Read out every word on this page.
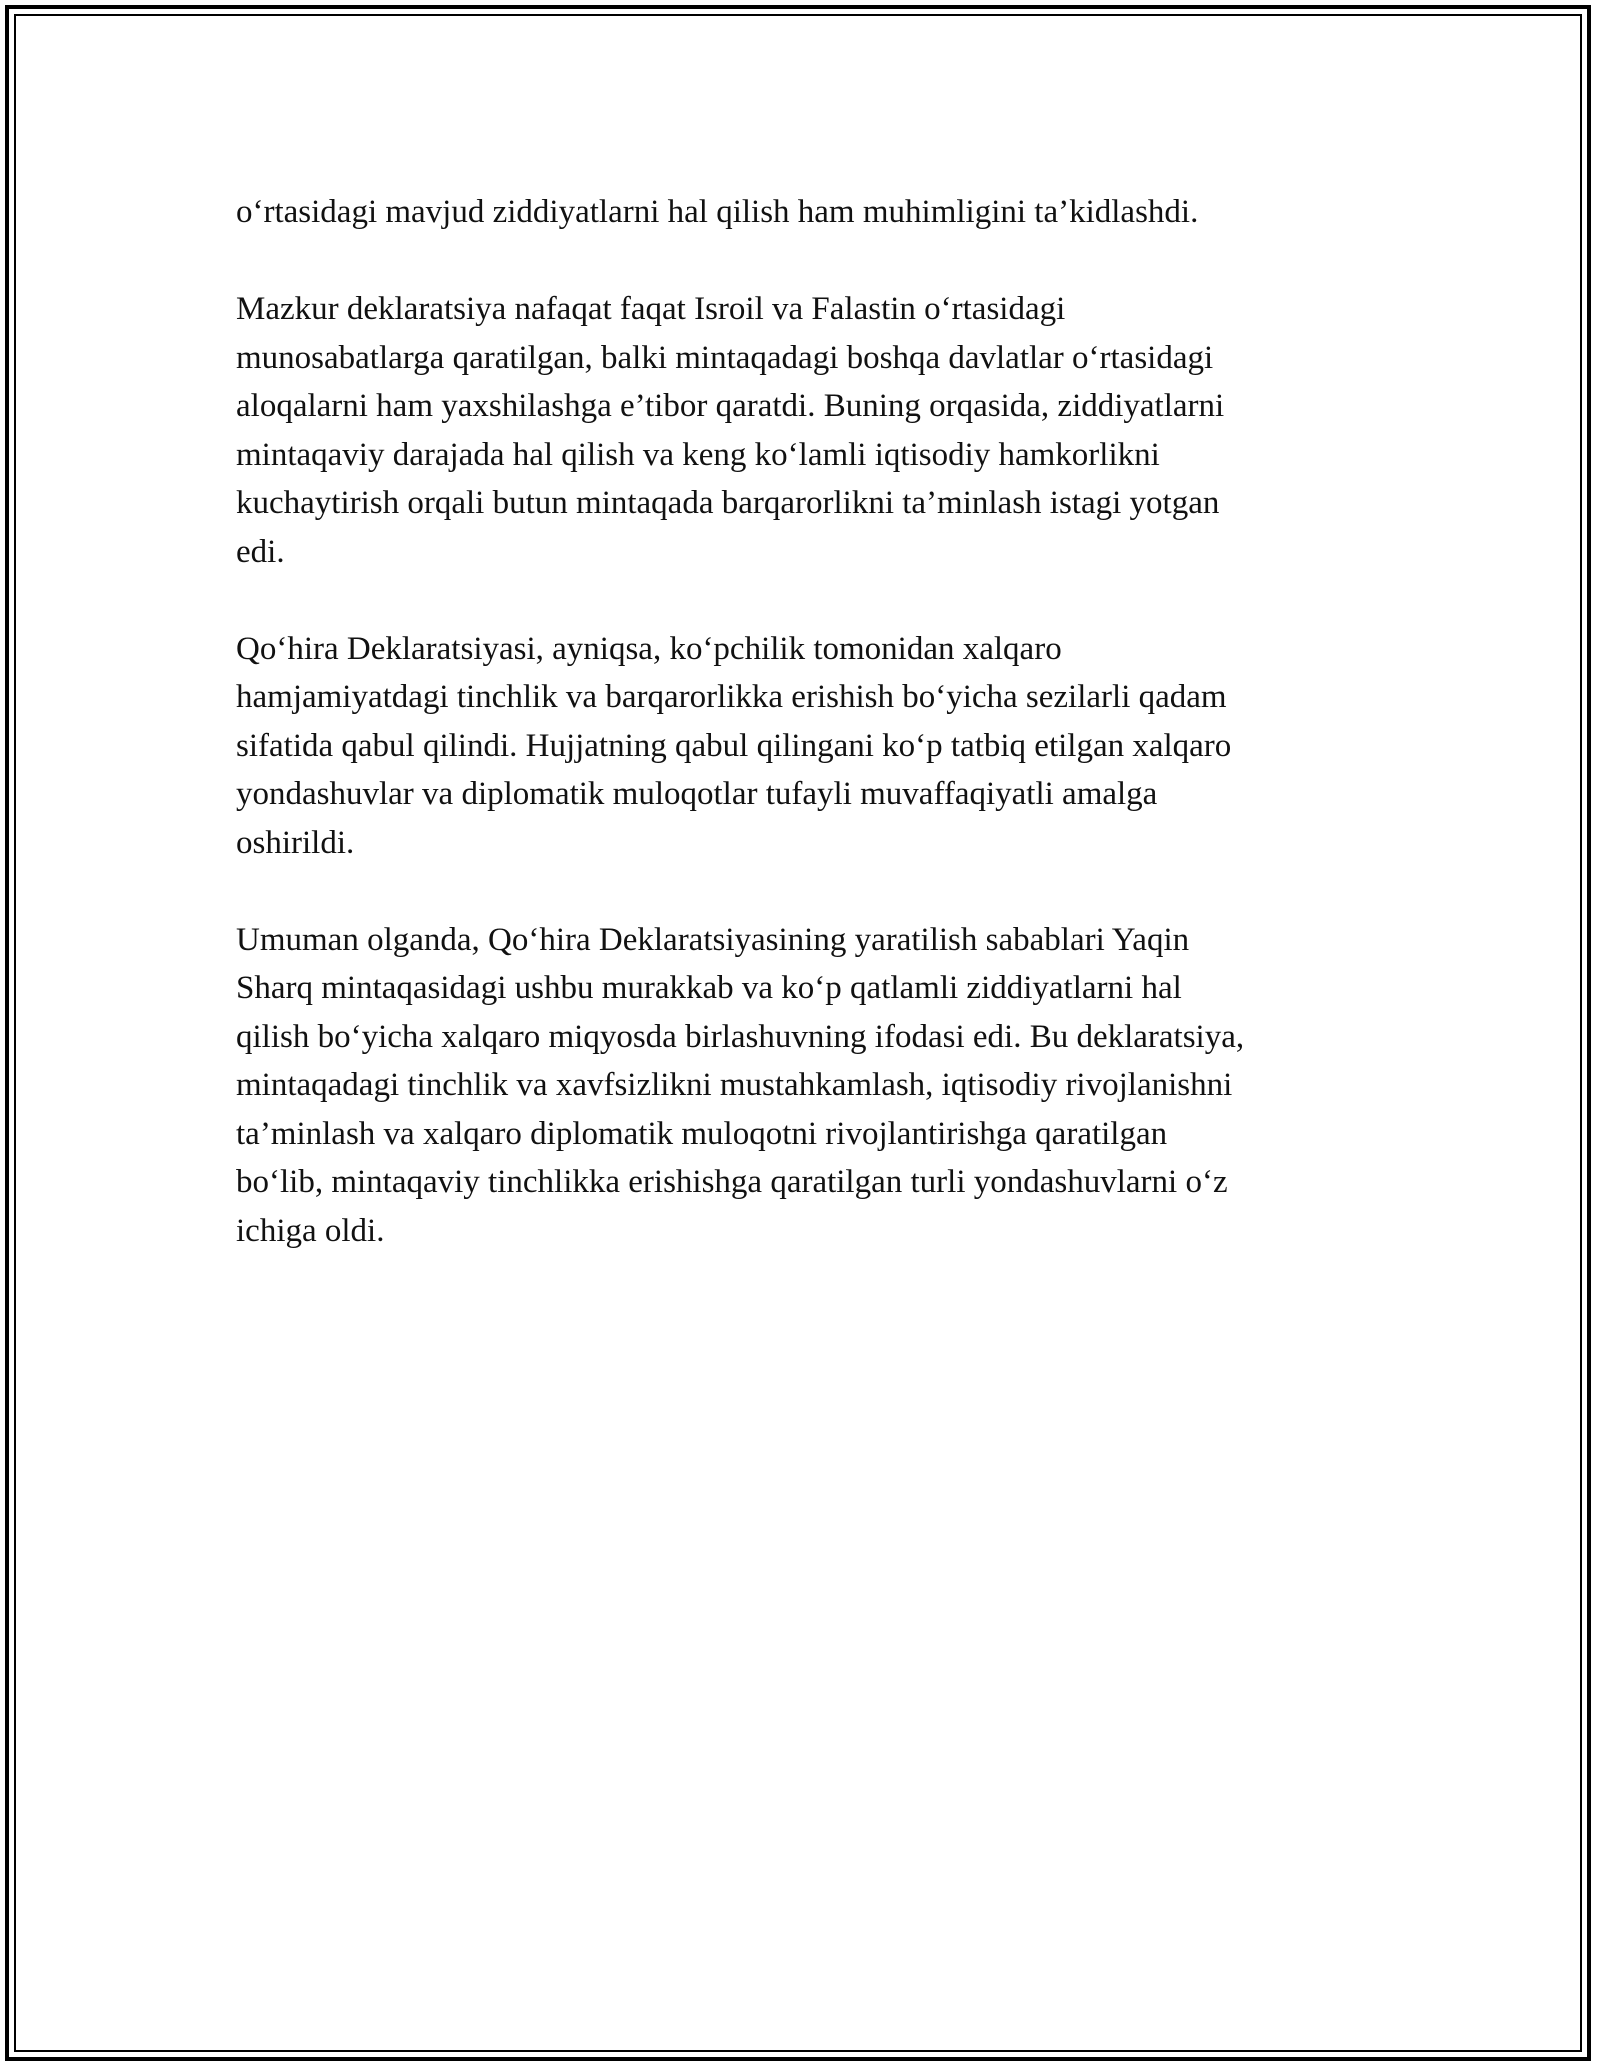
o‘rtasidagi mavjud ziddiyatlarni hal qilish ham muhimligini ta’kidlashdi.

Mazkur deklaratsiya nafaqat faqat Isroil va Falastin o‘rtasidagi
munosabatlarga qaratilgan, balki mintaqadagi boshqa davlatlar o‘rtasidagi
aloqalarni ham yaxshilashga e’tibor qaratdi. Buning orqasida, ziddiyatlarni
mintaqaviy darajada hal qilish va keng ko‘lamli iqtisodiy hamkorlikni
kuchaytirish orqali butun mintaqada barqarorlikni ta’minlash istagi yotgan
edi.

Qo‘hira Deklaratsiyasi, ayniqsa, ko‘pchilik tomonidan xalqaro
hamjamiyatdagi tinchlik va barqarorlikka erishish bo‘yicha sezilarli qadam
sifatida qabul qilindi. Hujjatning qabul qilingani ko‘p tatbiq etilgan xalqaro
yondashuvlar va diplomatik muloqotlar tufayli muvaffaqiyatli amalga
oshirildi.

Umuman olganda, Qo‘hira Deklaratsiyasining yaratilish sabablari Yaqin
Sharq mintaqasidagi ushbu murakkab va ko‘p qatlamli ziddiyatlarni hal
qilish bo‘yicha xalqaro miqyosda birlashuvning ifodasi edi. Bu deklaratsiya,
mintaqadagi tinchlik va xavfsizlikni mustahkamlash, iqtisodiy rivojlanishni
ta’minlash va xalqaro diplomatik muloqotni rivojlantirishga qaratilgan
bo‘lib, mintaqaviy tinchlikka erishishga qaratilgan turli yondashuvlarni o‘z
ichiga oldi.
